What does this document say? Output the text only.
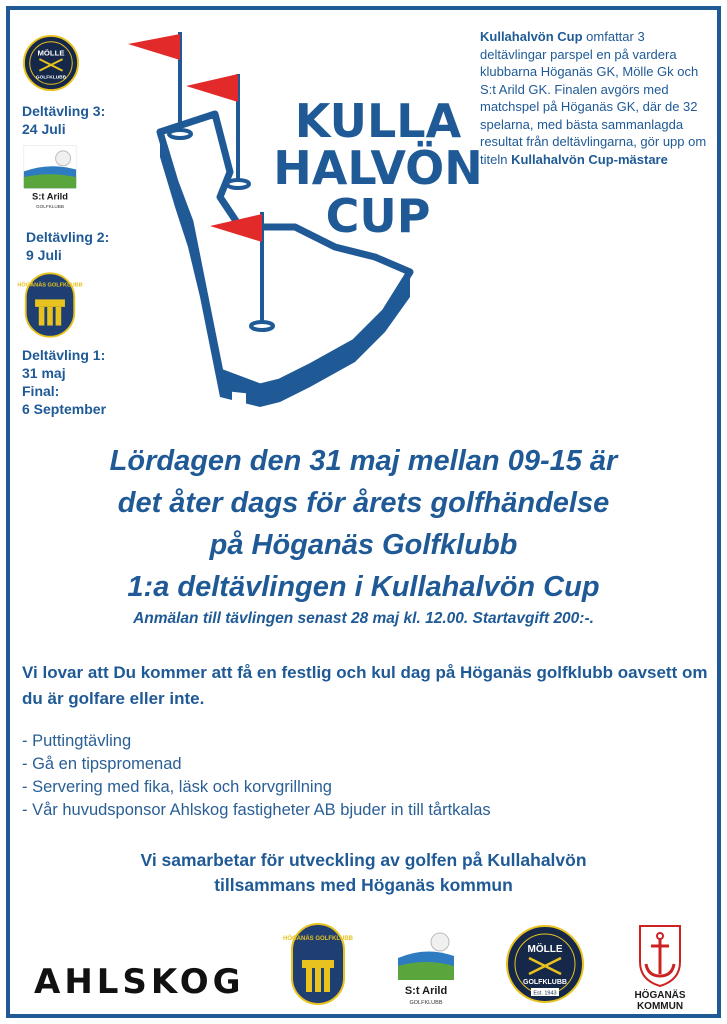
MÖLLE
GOLFKLUBB
Deltävling 3:
24 Juli
S:t Arild
GOLFKLUBB
Deltävling 2:
9 Juli
HÖGANÄS GOLFKLUBB
Deltävling 1:
31 maj
Final:
6 September
KULLA
HALVÖN
CUP
Kullahalvön Cup omfattar 3 deltävlingar parspel en på vardera klubbarna Höganäs GK, Mölle Gk och S:t Arild GK. Finalen avgörs med matchspel på Höganäs GK, där de 32 spelarna, med bästa sammanlagda resultat från deltävlingarna, gör upp om titeln Kullahalvön Cup-mästare
Lördagen den 31 maj mellan 09-15 är
det åter dags för årets golfhändelse
på Höganäs Golfklubb
1:a deltävlingen i Kullahalvön Cup
Anmälan till tävlingen senast 28 maj kl. 12.00. Startavgift 200:-.
Vi lovar att Du kommer att få en festlig och kul dag på Höganäs golfklubb oavsett om du är golfare eller inte.
- Puttingtävling
- Gå en tipspromenad
- Servering med fika, läsk och korvgrillning
- Vår huvudsponsor Ahlskog fastigheter AB bjuder in till tårtkalas
Vi samarbetar för utveckling av golfen på Kullahalvön
tillsammans med Höganäs kommun
AHLSKOG
HÖGANÄS GOLFKLUBB
S:t Arild
GOLFKLUBB
MÖLLE
GOLFKLUBB
Est. 1943	HÖGANÄS
KOMMUN
